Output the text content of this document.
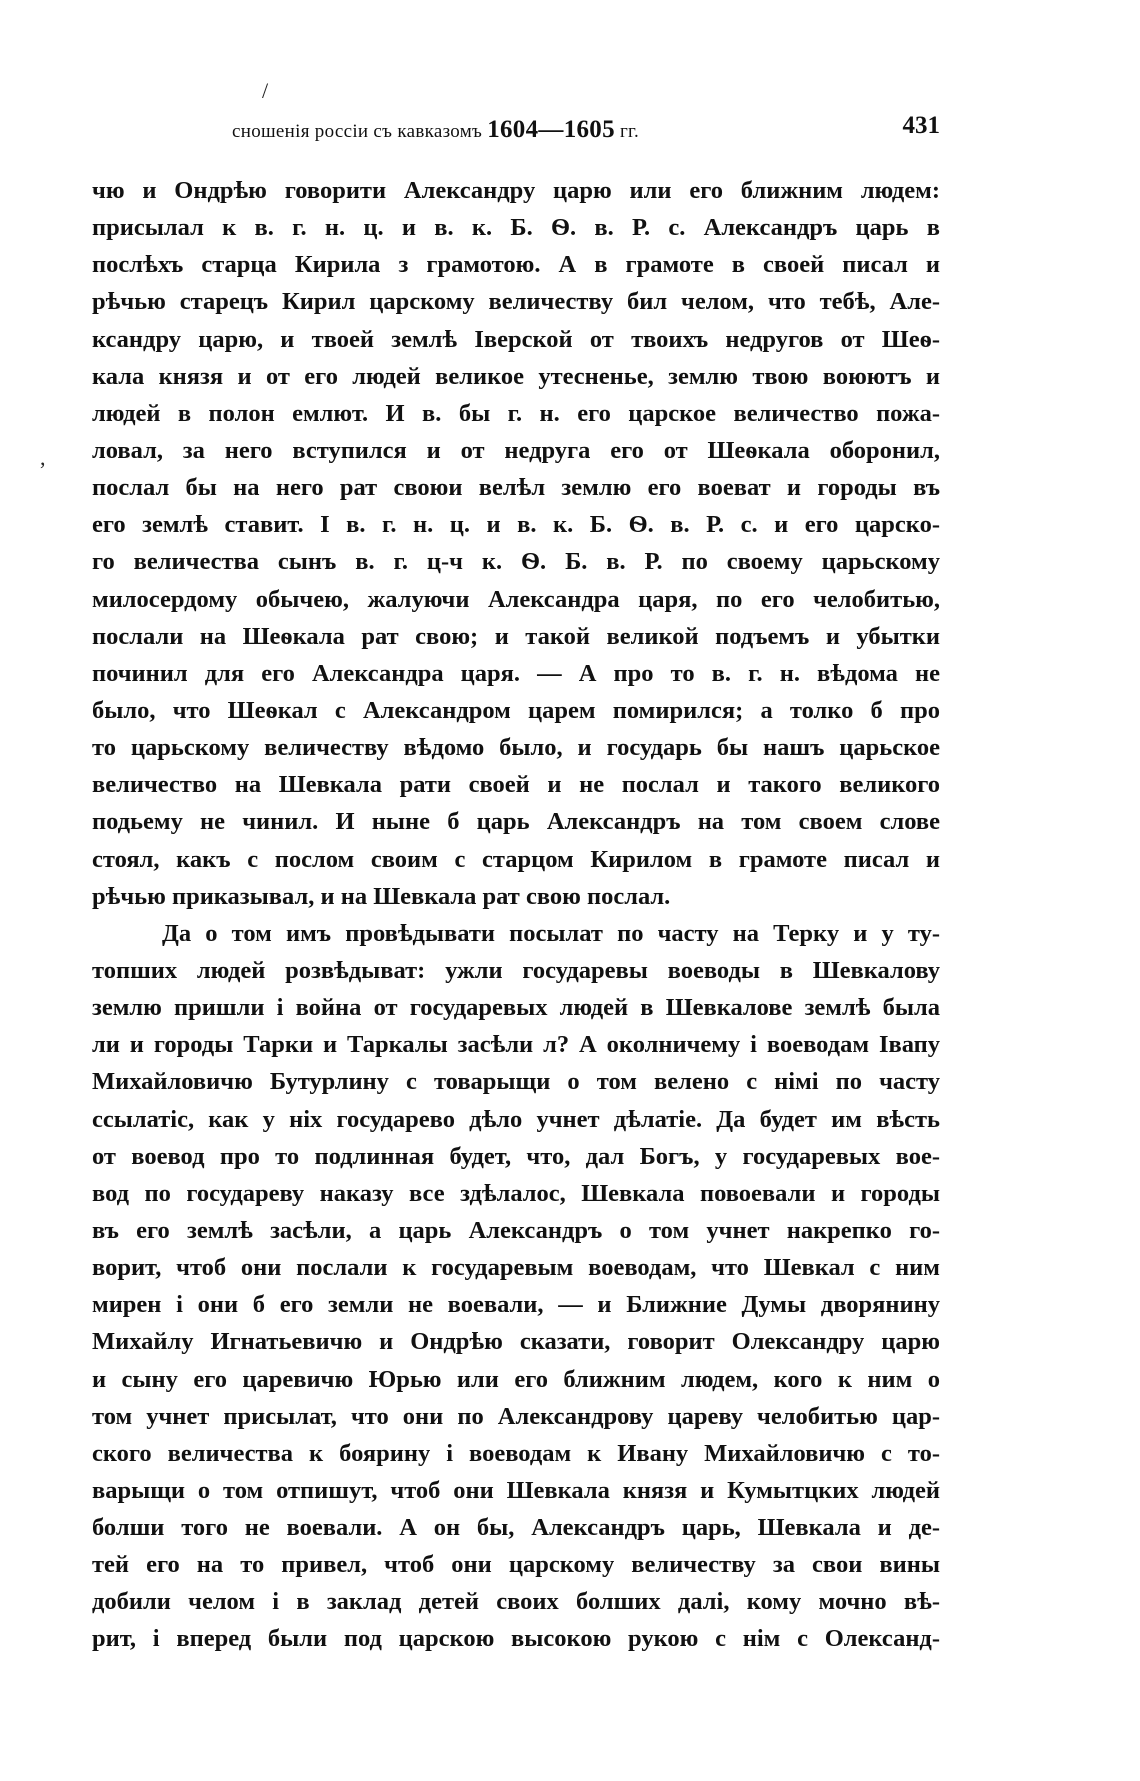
/
,
сношенія россіи съ кавказомъ 1604—1605 гг.	431
чю и Ондрѣю говорити Александру царю или его ближним людем:
присылал к в. г. н. ц. и в. к. Б. Ѳ. в. Р. с. Александръ царь в
послѣхъ старца Кирила з грамотою. А в грамоте в своей писал и
рѣчью старецъ Кирил царскому величеству бил челом, что тебѣ, Але-
ксандру царю, и твоей землѣ Іверской от твоихъ недругов от Шеѳ-
кала князя и от его людей великое утесненье, землю твою воюютъ и
людей в полон емлют. И в. бы г. н. его царское величество пожа-
ловал, за него вступился и от недруга его от Шеѳкала оборонил,
послал бы на него рат своюи велѣл землю его воеват и городы въ
его землѣ ставит. І в. г. н. ц. и в. к. Б. Ѳ. в. Р. с. и его царско-
го величества сынъ в. г. ц-ч к. Ѳ. Б. в. Р. по своему царьскому
милосердому обычею, жалуючи Александра царя, по его челобитью,
послали на Шеѳкала рат свою; и такой великой подъемъ и убытки
починил для его Александра царя. — А про то в. г. н. вѣдома не
было, что Шеѳкал с Александром царем помирился; а толко б про
то царьскому величеству вѣдомо было, и государь бы нашъ царьское
величество на Шевкала рати своей и не послал и такого великого
подьему не чинил. И ныне б царь Александръ на том своем слове
стоял, какъ с послом своим с старцом Кирилом в грамоте писал и
рѣчью приказывал, и на Шевкала рат свою послал.
Да о том имъ провѣдывати посылат по часту на Терку и у ту-
топших людей розвѣдыват: ужли государевы воеводы в Шевкалову
землю пришли і война от государевых людей в Шевкалове землѣ была
ли и городы Тарки и Таркалы засѣли л? А околничему і воеводам Івапу
Михайловичю Бутурлину с товарыщи о том велено с нiмi по часту
ссылатiс, как у нiх государево дѣло учнет дѣлатiе. Да будет им вѣсть
от воевод про то подлинная будет, что, дал Богъ, у государевых вое-
вод по государеву наказу все здѣлалос, Шевкала повоевали и городы
въ его землѣ засѣли, а царь Александръ о том учнет накрепко го-
ворит, чтоб они послали к государевым воеводам, что Шевкал с ним
мирен і они б его земли не воевали, — и Ближние Думы дворянину
Михайлу Игнатьевичю и Ондрѣю сказати, говорит Олександру царю
и сыну его царевичю Юрью или его ближним людем, кого к ним о
том учнет присылат, что они по Александрову цареву челобитью цар-
ского величества к боярину і воеводам к Ивану Михайловичю с то-
варыщи о том отпишут, чтоб они Шевкала князя и Кумытцких людей
болши того не воевали. А он бы, Александръ царь, Шевкала и де-
тей его на то привел, чтоб они царскому величеству за свои вины
добили челом і в заклад детей своих болших далі, кому мочно вѣ-
рит, і вперед были под царскою высокою рукою с нім с Олександ-
